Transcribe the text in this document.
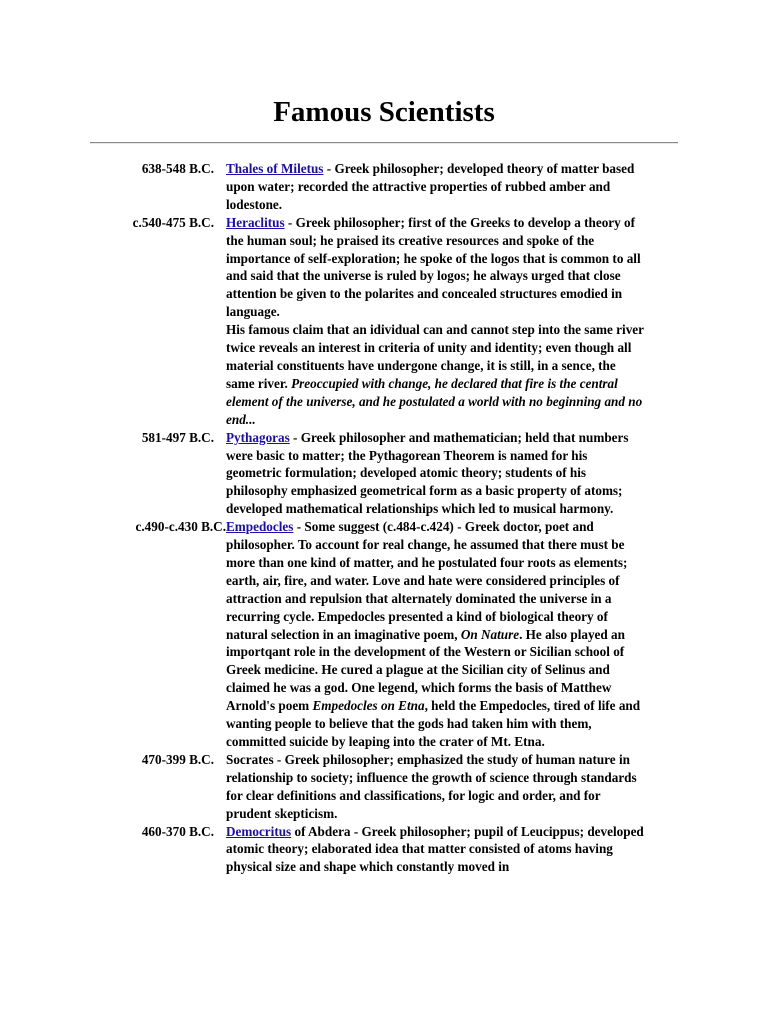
Famous Scientists
638-548 B.C. Thales of Miletus - Greek philosopher; developed theory of matter based upon water; recorded the attractive properties of rubbed amber and lodestone.

c.540-475 B.C. Heraclitus - Greek philosopher; first of the Greeks to develop a theory of the human soul; he praised its creative resources and spoke of the importance of self-exploration; he spoke of the logos that is common to all and said that the universe is ruled by logos; he always urged that close attention be given to the polarites and concealed structures emodied in language.

His famous claim that an idividual can and cannot step into the same river twice reveals an interest in criteria of unity and identity; even though all material constituents have undergone change, it is still, in a sence, the same river. Preoccupied with change, he declared that fire is the central element of the universe, and he postulated a world with no beginning and no end...

581-497 B.C. Pythagoras - Greek philosopher and mathematician; held that numbers were basic to matter; the Pythagorean Theorem is named for his geometric formulation; developed atomic theory; students of his philosophy emphasized geometrical form as a basic property of atoms; developed mathematical relationships which led to musical harmony.

c.490-c.430 B.C. Empedocles - Some suggest (c.484-c.424) - Greek doctor, poet and philosopher. To account for real change, he assumed that there must be more than one kind of matter, and he postulated four roots as elements; earth, air, fire, and water. Love and hate were considered principles of attraction and repulsion that alternately dominated the universe in a recurring cycle. Empedocles presented a kind of biological theory of natural selection in an imaginative poem, On Nature. He also played an importqant role in the development of the Western or Sicilian school of Greek medicine. He cured a plague at the Sicilian city of Selinus and claimed he was a god. One legend, which forms the basis of Matthew Arnold's poem Empedocles on Etna, held the Empedocles, tired of life and wanting people to believe that the gods had taken him with them, committed suicide by leaping into the crater of Mt. Etna.

470-399 B.C. Socrates - Greek philosopher; emphasized the study of human nature in relationship to society; influence the growth of science through standards for clear definitions and classifications, for logic and order, and for prudent skepticism.

460-370 B.C. Democritus of Abdera - Greek philosopher; pupil of Leucippus; developed atomic theory; elaborated idea that matter consisted of atoms having physical size and shape which constantly moved in
